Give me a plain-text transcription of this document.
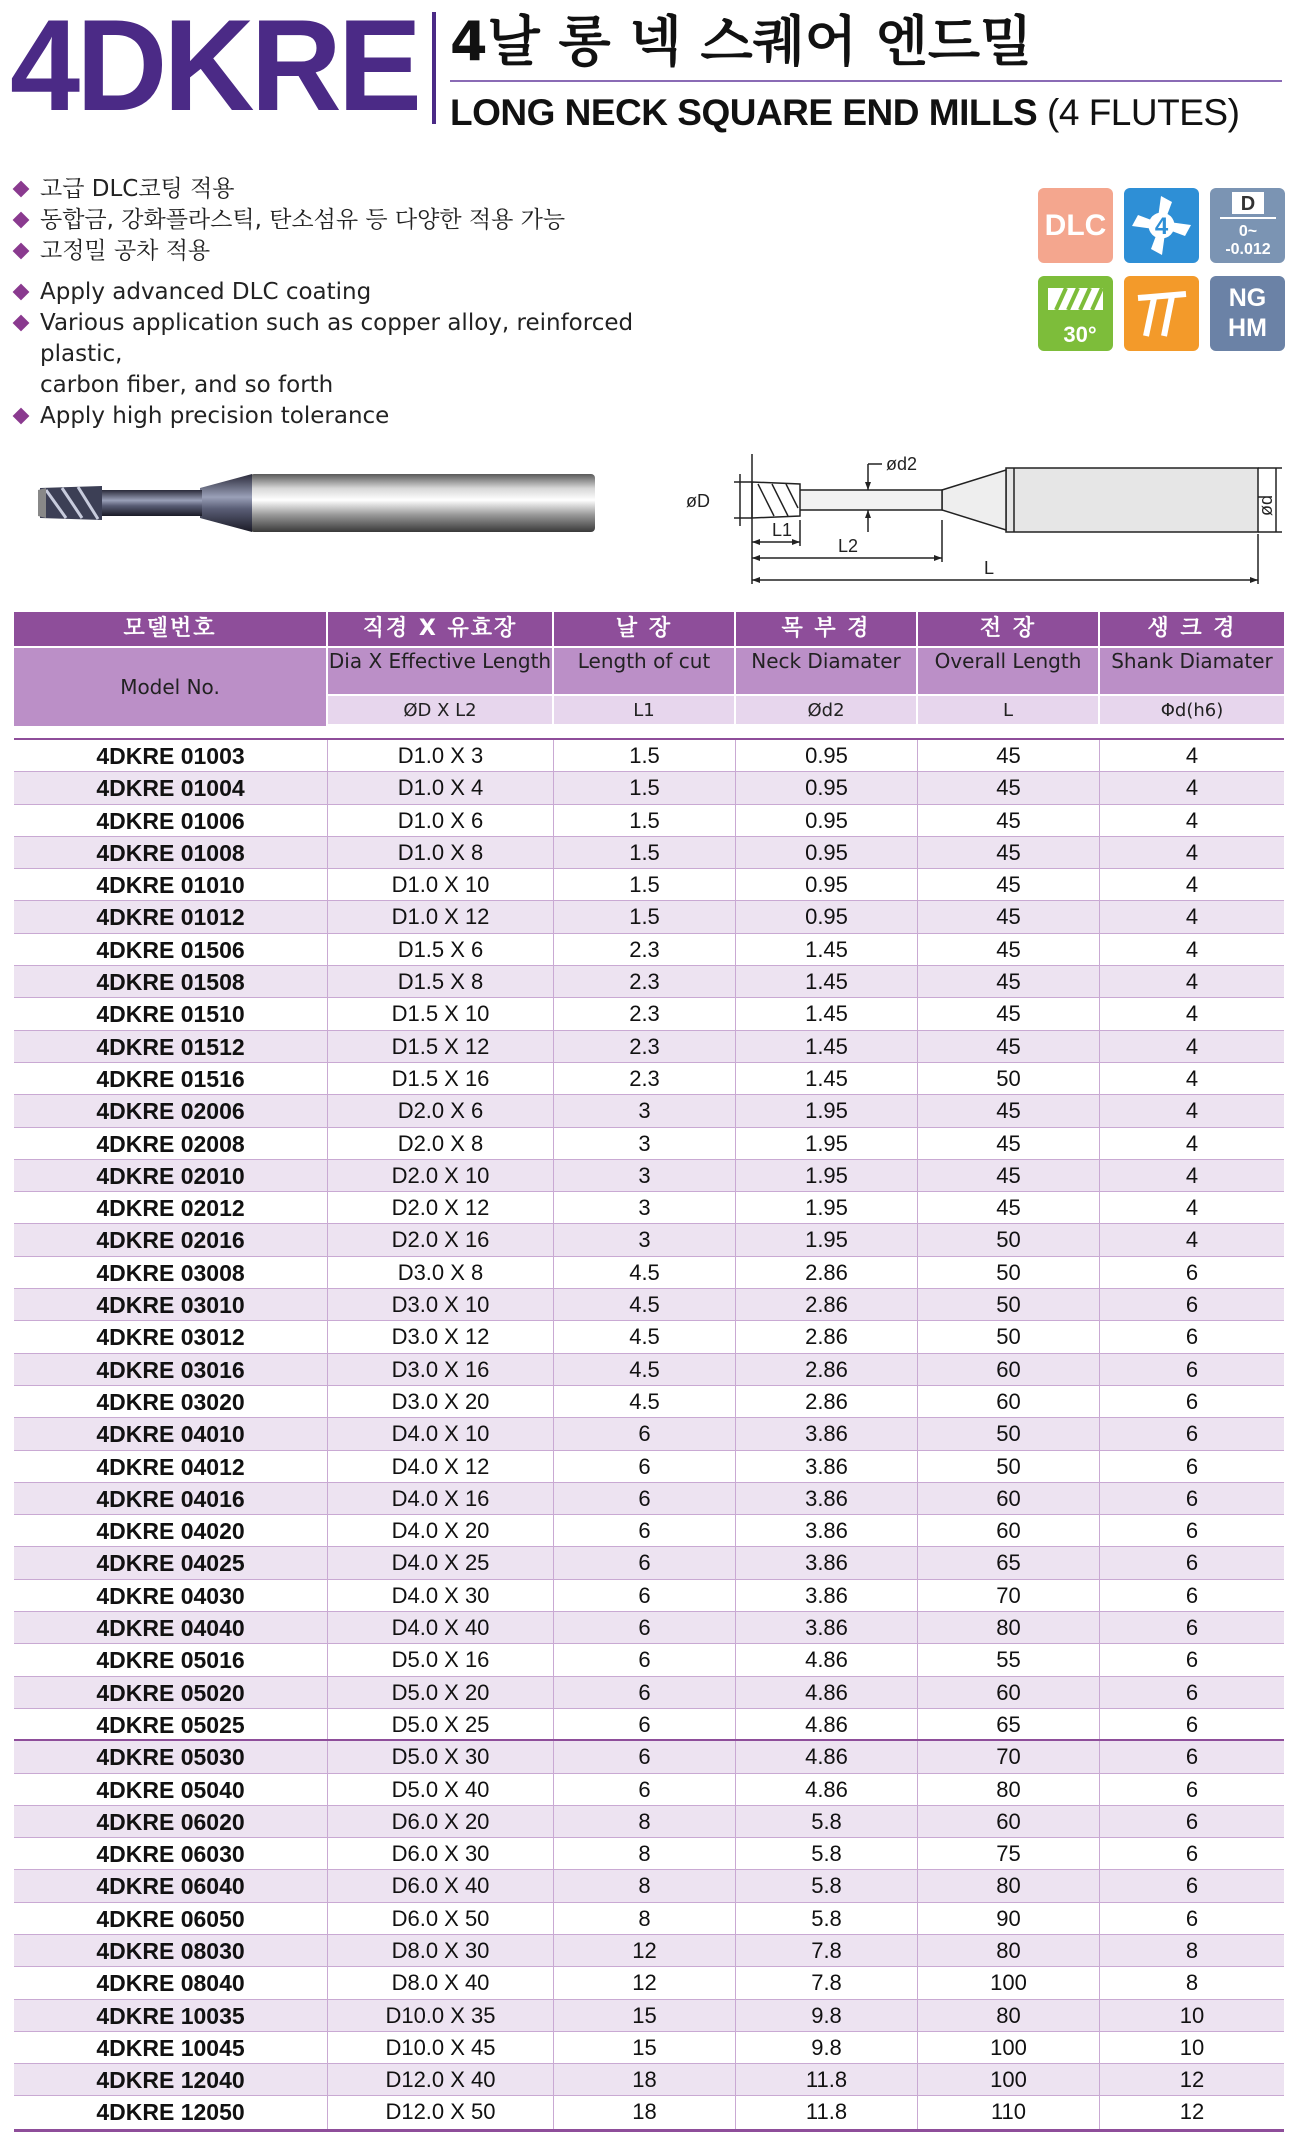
4DKRE 4날 롱 넥 스퀘어 엔드밀
LONG NECK SQUARE END MILLS (4 FLUTES)
고급 DLC코팅 적용
동합금, 강화플라스틱, 탄소섬유 등 다양한 적용 가능
고정밀 공차 적용
Apply advanced DLC coating
Various application such as copper alloy, reinforced plastic,
carbon fiber, and so forth
Apply high precision tolerance
DLC 4
D
0~
-0.012
30°
NG
HM
ød2
øD
L1
L2
L
ød
모델번호	직경 X 유효장	날 장	목 부 경	전 장	생 크 경
Model No.
Dia X Effective Length	Length of cut	Neck Diamater	Overall Length	Shank Diamater
ØD X L2	L1	Ød2	L	Φd(h6)
4DKRE 01003	D1.0 X 3	1.5	0.95	45	4
4DKRE 01004	D1.0 X 4	1.5	0.95	45	4
4DKRE 01006	D1.0 X 6	1.5	0.95	45	4
4DKRE 01008	D1.0 X 8	1.5	0.95	45	4
4DKRE 01010	D1.0 X 10	1.5	0.95	45	4
4DKRE 01012	D1.0 X 12	1.5	0.95	45	4
4DKRE 01506	D1.5 X 6	2.3	1.45	45	4
4DKRE 01508	D1.5 X 8	2.3	1.45	45	4
4DKRE 01510	D1.5 X 10	2.3	1.45	45	4
4DKRE 01512	D1.5 X 12	2.3	1.45	45	4
4DKRE 01516	D1.5 X 16	2.3	1.45	50	4
4DKRE 02006	D2.0 X 6	3	1.95	45	4
4DKRE 02008	D2.0 X 8	3	1.95	45	4
4DKRE 02010	D2.0 X 10	3	1.95	45	4
4DKRE 02012	D2.0 X 12	3	1.95	45	4
4DKRE 02016	D2.0 X 16	3	1.95	50	4
4DKRE 03008	D3.0 X 8	4.5	2.86	50	6
4DKRE 03010	D3.0 X 10	4.5	2.86	50	6
4DKRE 03012	D3.0 X 12	4.5	2.86	50	6
4DKRE 03016	D3.0 X 16	4.5	2.86	60	6
4DKRE 03020	D3.0 X 20	4.5	2.86	60	6
4DKRE 04010	D4.0 X 10	6	3.86	50	6
4DKRE 04012	D4.0 X 12	6	3.86	50	6
4DKRE 04016	D4.0 X 16	6	3.86	60	6
4DKRE 04020	D4.0 X 20	6	3.86	60	6
4DKRE 04025	D4.0 X 25	6	3.86	65	6
4DKRE 04030	D4.0 X 30	6	3.86	70	6
4DKRE 04040	D4.0 X 40	6	3.86	80	6
4DKRE 05016	D5.0 X 16	6	4.86	55	6
4DKRE 05020	D5.0 X 20	6	4.86	60	6
4DKRE 05025	D5.0 X 25	6	4.86	65	6
4DKRE 05030	D5.0 X 30	6	4.86	70	6
4DKRE 05040	D5.0 X 40	6	4.86	80	6
4DKRE 06020	D6.0 X 20	8	5.8	60	6
4DKRE 06030	D6.0 X 30	8	5.8	75	6
4DKRE 06040	D6.0 X 40	8	5.8	80	6
4DKRE 06050	D6.0 X 50	8	5.8	90	6
4DKRE 08030	D8.0 X 30	12	7.8	80	8
4DKRE 08040	D8.0 X 40	12	7.8	100	8
4DKRE 10035	D10.0 X 35	15	9.8	80	10
4DKRE 10045	D10.0 X 45	15	9.8	100	10
4DKRE 12040	D12.0 X 40	18	11.8	100	12
4DKRE 12050	D12.0 X 50	18	11.8	110	12
